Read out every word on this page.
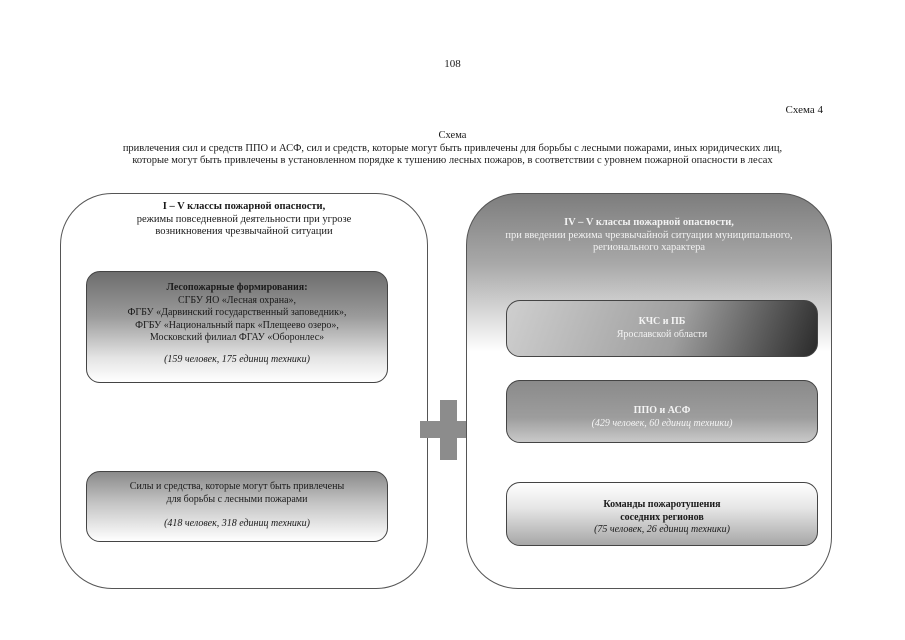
108
Схема 4
Схема
привлечения сил и средств ППО и АСФ, сил и средств, которые могут быть привлечены для борьбы с лесными пожарами, иных юридических лиц,
которые могут быть привлечены в установленном порядке к тушению лесных пожаров, в соответствии с уровнем пожарной опасности в лесах
I – V классы пожарной опасности,
режимы повседневной деятельности при угрозе
возникновения чрезвычайной ситуации
Лесопожарные формирования:
СГБУ ЯО «Лесная охрана»,
ФГБУ «Дарвинский государственный заповедник»,
ФГБУ «Национальный парк «Плещеево озеро»,
Московский филиал ФГАУ «Оборонлес»
(159 человек, 175 единиц техники)
Силы и средства, которые могут быть привлечены
для борьбы с лесными пожарами
(418 человек, 318 единиц техники)
IV – V классы пожарной опасности,
при введении режима чрезвычайной ситуации муниципального,
регионального характера
КЧС и ПБ
Ярославской области
ППО и АСФ
(429 человек, 60 единиц техники)
Команды пожаротушения
соседних регионов
(75 человек, 26 единиц техники)
